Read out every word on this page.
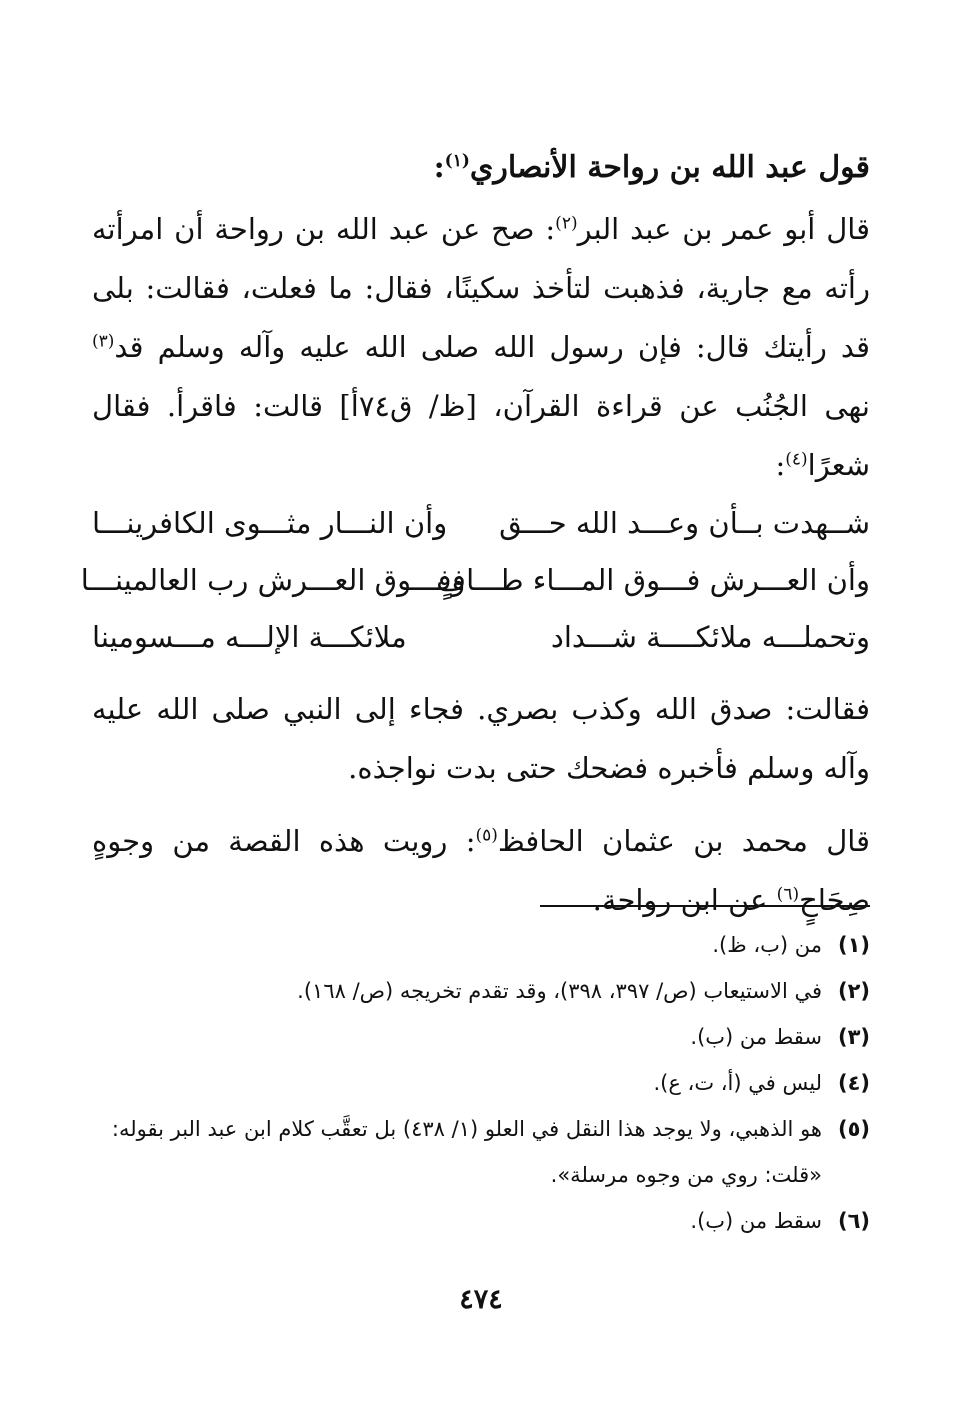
قول عبد الله بن رواحة الأنصاري$^{(١)}$:

قال أبو عمر بن عبد البر$^{(٢)}$: صح عن عبد الله بن رواحة أن امرأته رأته مع جارية، فذهبت لتأخذ سكينًا، فقال: ما فعلت، فقالت: بلى قد رأيتك قال: فإن رسول الله صلى الله عليه وآله وسلم قد$^{(٣)}$ نهى الجُنُب عن قراءة القرآن، [ظ/ ق٧٤أ] قالت: فاقرأ. فقال شعرًا$^{(٤)}$:

شــهدت بــأن وعـــد الله حـــق
وأن النـــار مثـــوى الكافرينـــا
وأن العـــرش فـــوق المـــاء طـــافٍ
وفـــوق العـــرش رب العالمينـــا
وتحملـــه ملائكــــة شـــداد
ملائكـــة الإلـــه مـــسومينا

فقالت: صدق الله وكذب بصري. فجاء إلى النبي صلى الله عليه وآله وسلم فأخبره فضحك حتى بدت نواجذه.

قال محمد بن عثمان الحافظ$^{(٥)}$: رويت هذه القصة من وجوهٍ صِحَاحٍ$^{(٦)}$ عن ابن رواحة.

(١)
من (ب، ظ).
(٢)
في الاستيعاب (ص/ ٣٩٧، ٣٩٨)، وقد تقدم تخريجه (ص/ ١٦٨).
(٣)
سقط من (ب).
(٤)
ليس في (أ، ت، ع).
(٥)
هو الذهبي، ولا يوجد هذا النقل في العلو (١/ ٤٣٨) بل تعقَّب كلام ابن عبد البر بقوله: «قلت: روي من وجوه مرسلة».
(٦)
سقط من (ب).
٤٧٤
